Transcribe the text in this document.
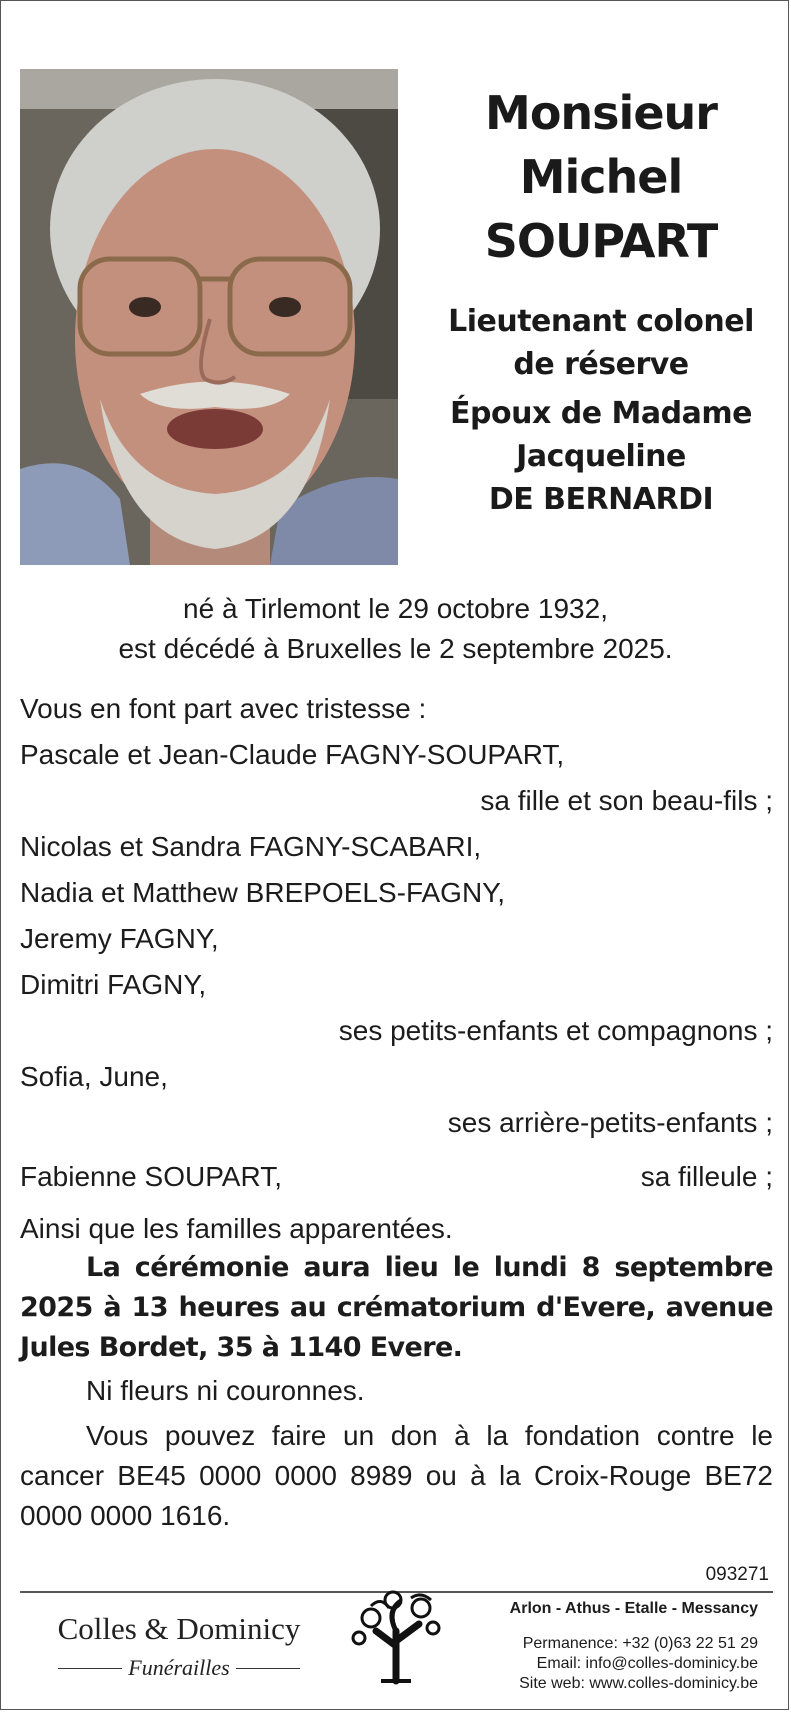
Monsieur
Michel
SOUPART
Lieutenant colonel
de réserve
Époux de Madame
Jacqueline
DE BERNARDI
né à Tirlemont le 29 octobre 1932,
est décédé à Bruxelles le 2 septembre 2025.
Vous en font part avec tristesse :
Pascale et Jean-Claude FAGNY-SOUPART,
sa fille et son beau-fils ;
Nicolas et Sandra FAGNY-SCABARI,
Nadia et Matthew BREPOELS-FAGNY,
Jeremy FAGNY,
Dimitri FAGNY,
ses petits-enfants et compagnons ;
Sofia, June,
ses arrière-petits-enfants ;
Fabienne SOUPART,	sa filleule ;
Ainsi que les familles apparentées.
La cérémonie aura lieu le lundi 8 septembre 2025 à 13 heures au crématorium d'Evere, avenue Jules Bordet, 35 à 1140 Evere.
Ni fleurs ni couronnes.
Vous pouvez faire un don à la fondation contre le cancer BE45 0000 0000 8989 ou à la Croix-Rouge BE72 0000 0000 1616.
093271
Colles & Dominicy
Funérailles
Arlon - Athus - Etalle - Messancy
Permanence: +32 (0)63 22 51 29
Email: info@colles-dominicy.be
Site web: www.colles-dominicy.be
